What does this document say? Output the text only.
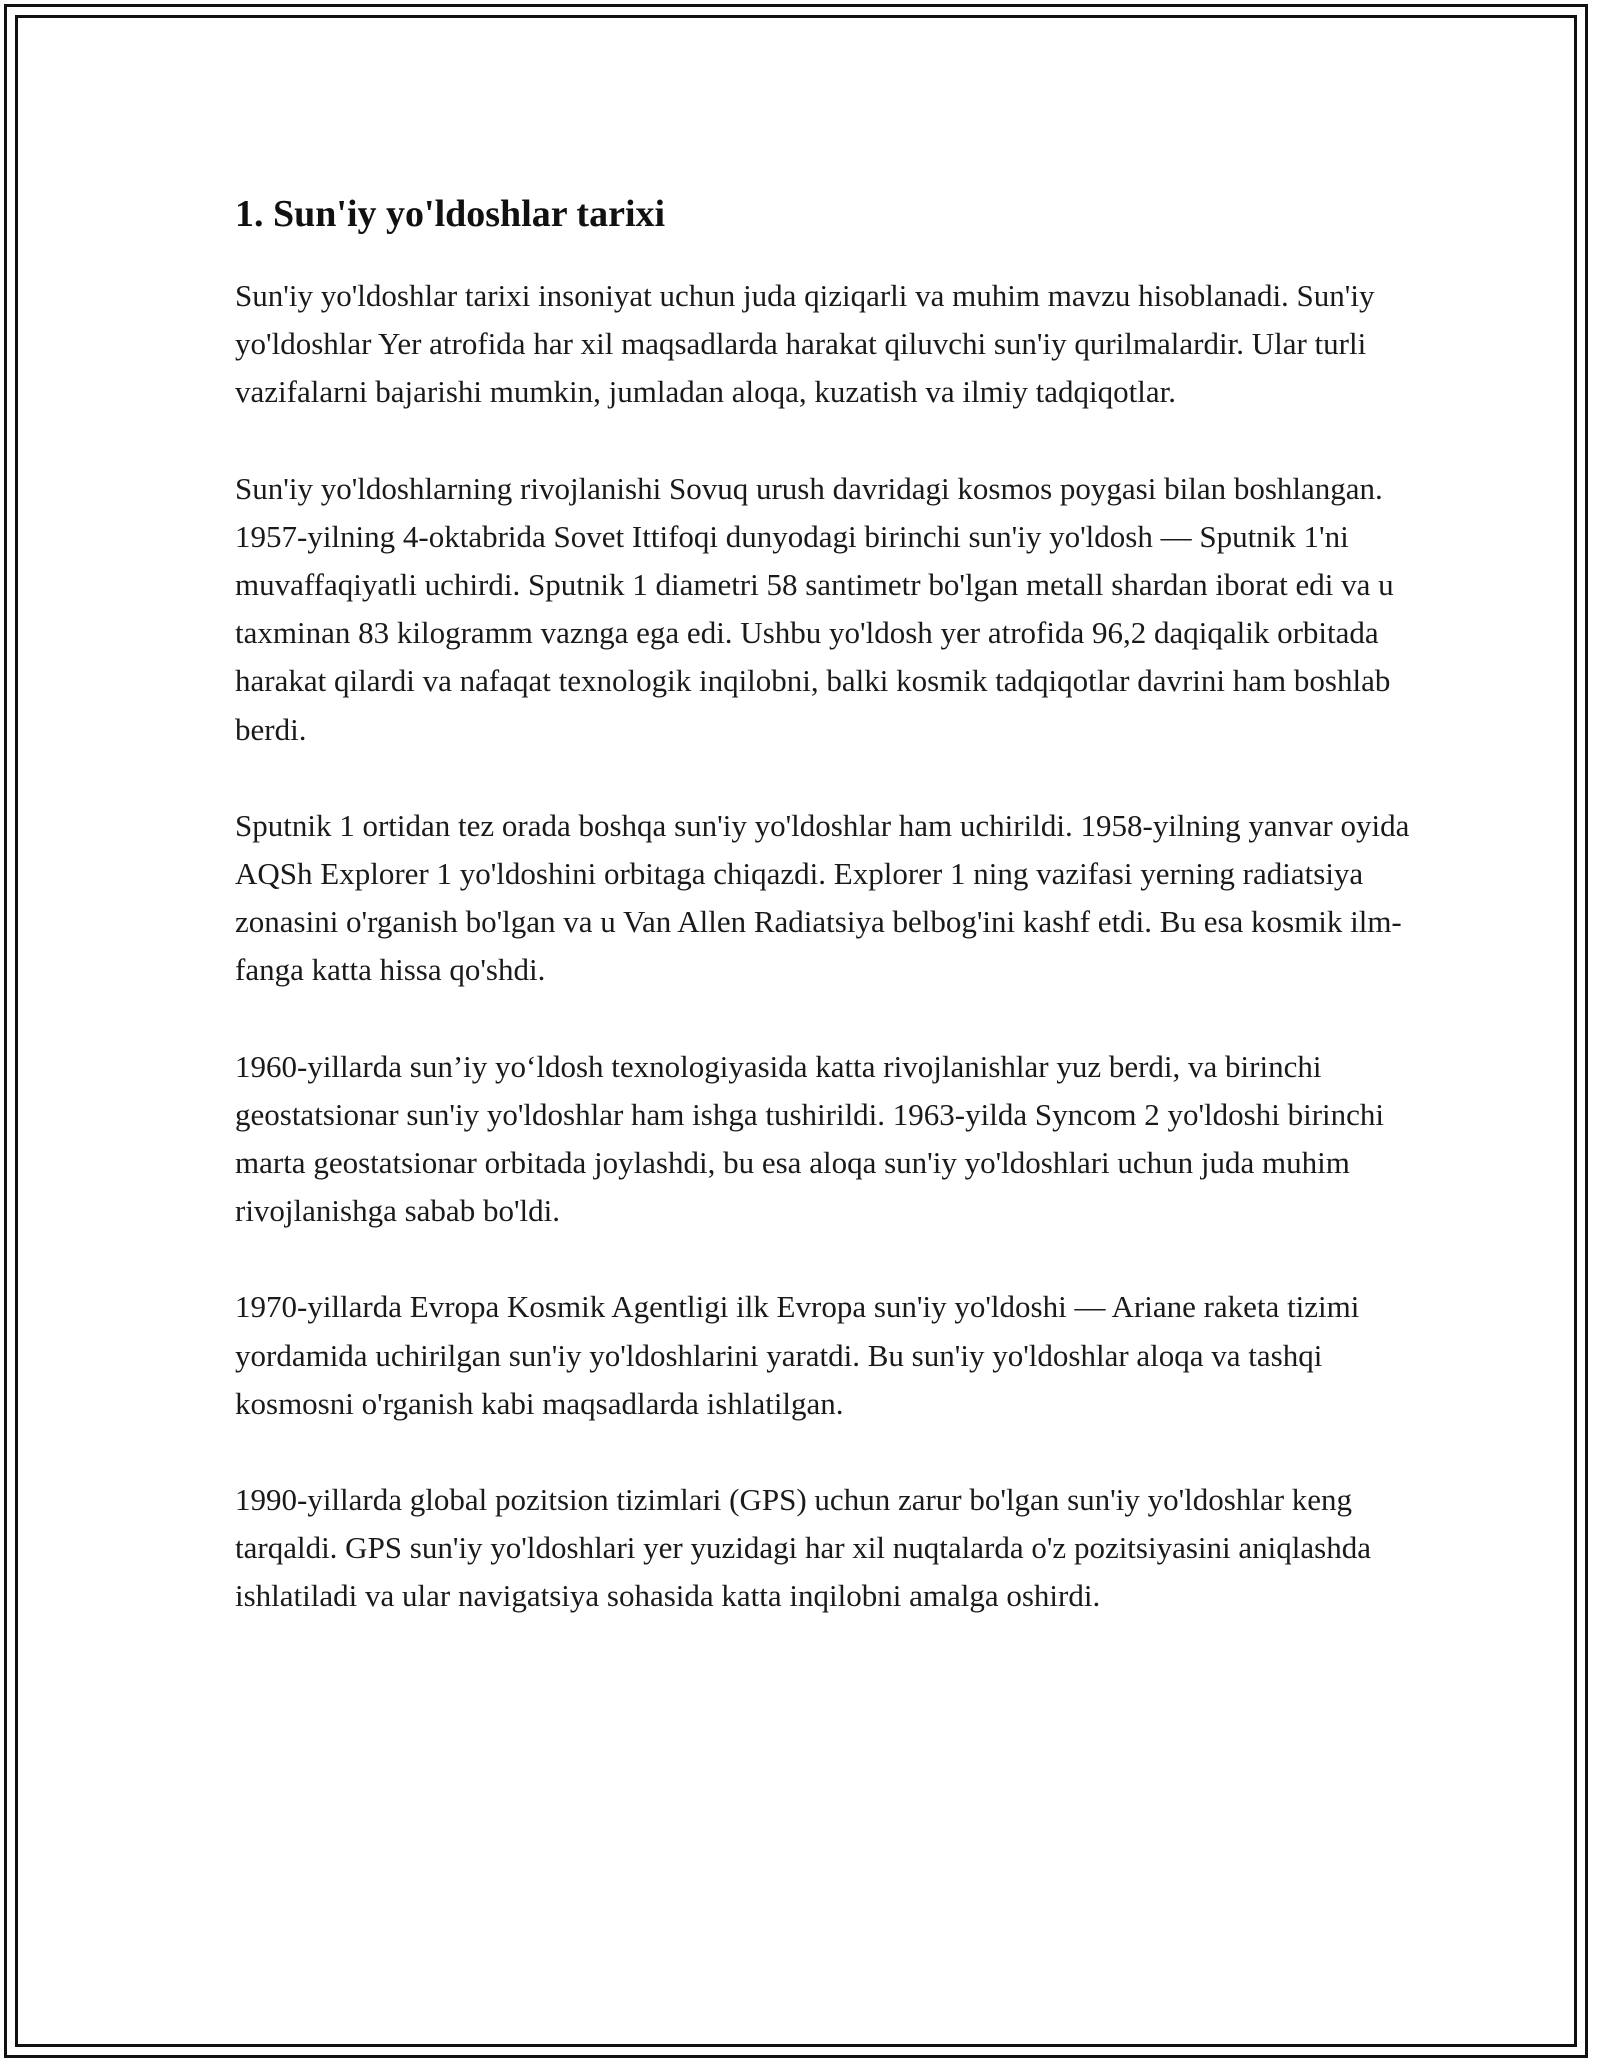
1. Sun'iy yo'ldoshlar tarixi

Sun'iy yo'ldoshlar tarixi insoniyat uchun juda qiziqarli va muhim mavzu hisoblanadi. Sun'iy yo'ldoshlar Yer atrofida har xil maqsadlarda harakat qiluvchi sun'iy qurilmalardir. Ular turli vazifalarni bajarishi mumkin, jumladan aloqa, kuzatish va ilmiy tadqiqotlar.

Sun'iy yo'ldoshlarning rivojlanishi Sovuq urush davridagi kosmos poygasi bilan boshlangan. 1957-yilning 4-oktabrida Sovet Ittifoqi dunyodagi birinchi sun'iy yo'ldosh — Sputnik 1'ni muvaffaqiyatli uchirdi. Sputnik 1 diametri 58 santimetr bo'lgan metall shardan iborat edi va u taxminan 83 kilogramm vaznga ega edi. Ushbu yo'ldosh yer atrofida 96,2 daqiqalik orbitada harakat qilardi va nafaqat texnologik inqilobni, balki kosmik tadqiqotlar davrini ham boshlab berdi.

Sputnik 1 ortidan tez orada boshqa sun'iy yo'ldoshlar ham uchirildi. 1958-yilning yanvar oyida AQSh Explorer 1 yo'ldoshini orbitaga chiqazdi. Explorer 1 ning vazifasi yerning radiatsiya zonasini o'rganish bo'lgan va u Van Allen Radiatsiya belbog'ini kashf etdi. Bu esa kosmik ilm-fanga katta hissa qo'shdi.

1960-yillarda sun’iy yo‘ldosh texnologiyasida katta rivojlanishlar yuz berdi, va birinchi geostatsionar sun'iy yo'ldoshlar ham ishga tushirildi. 1963-yilda Syncom 2 yo'ldoshi birinchi marta geostatsionar orbitada joylashdi, bu esa aloqa sun'iy yo'ldoshlari uchun juda muhim rivojlanishga sabab bo'ldi.

1970-yillarda Evropa Kosmik Agentligi ilk Evropa sun'iy yo'ldoshi — Ariane raketa tizimi yordamida uchirilgan sun'iy yo'ldoshlarini yaratdi. Bu sun'iy yo'ldoshlar aloqa va tashqi kosmosni o'rganish kabi maqsadlarda ishlatilgan.

1990-yillarda global pozitsion tizimlari (GPS) uchun zarur bo'lgan sun'iy yo'ldoshlar keng tarqaldi. GPS sun'iy yo'ldoshlari yer yuzidagi har xil nuqtalarda o'z pozitsiyasini aniqlashda ishlatiladi va ular navigatsiya sohasida katta inqilobni amalga oshirdi.
